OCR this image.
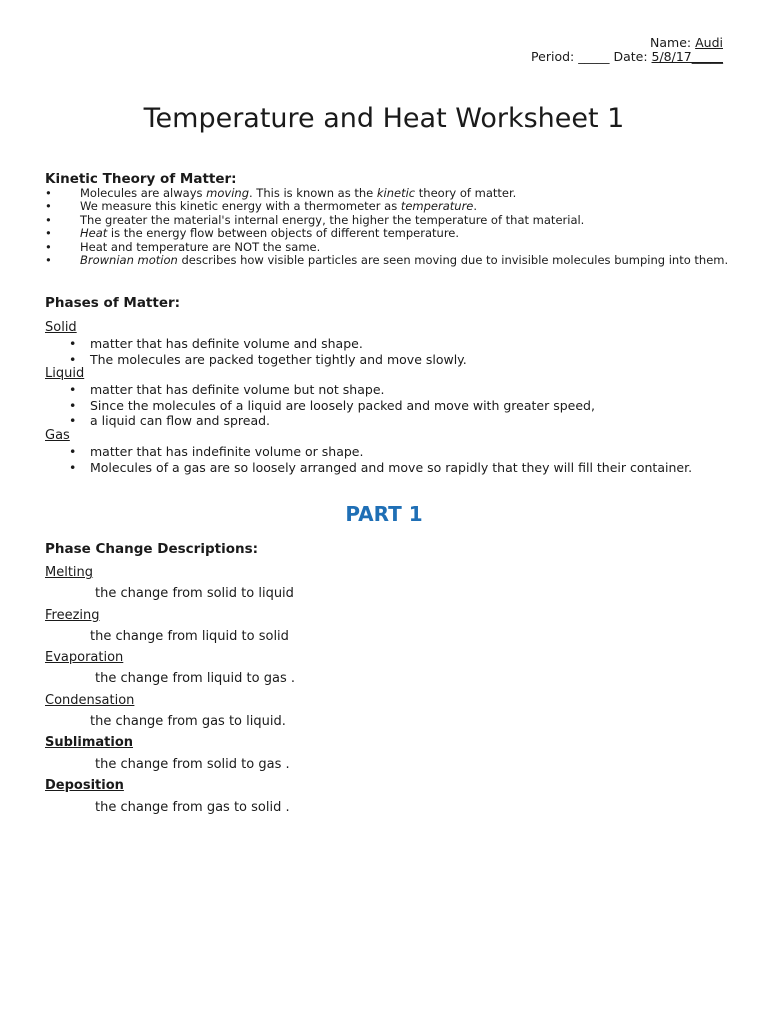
Name: Audi
Period: _____ Date: 5/8/17_____
Temperature and Heat Worksheet 1
Kinetic Theory of Matter:
• Molecules are always moving. This is known as the kinetic theory of matter.
• We measure this kinetic energy with a thermometer as temperature.
• The greater the material's internal energy, the higher the temperature of that material.
• Heat is the energy flow between objects of different temperature.
• Heat and temperature are NOT the same.
• Brownian motion describes how visible particles are seen moving due to invisible molecules bumping into them.
Phases of Matter:
Solid
• matter that has definite volume and shape.
• The molecules are packed together tightly and move slowly.
Liquid
• matter that has definite volume but not shape.
• Since the molecules of a liquid are loosely packed and move with greater speed,
• a liquid can flow and spread.
Gas
• matter that has indefinite volume or shape.
• Molecules of a gas are so loosely arranged and move so rapidly that they will fill their container.
PART 1
Phase Change Descriptions:
Melting
the change from solid to liquid
Freezing
the change from liquid to solid
Evaporation
the change from liquid to gas .
Condensation
the change from gas to liquid.
Sublimation
the change from solid to gas .
Deposition
the change from gas to solid .
